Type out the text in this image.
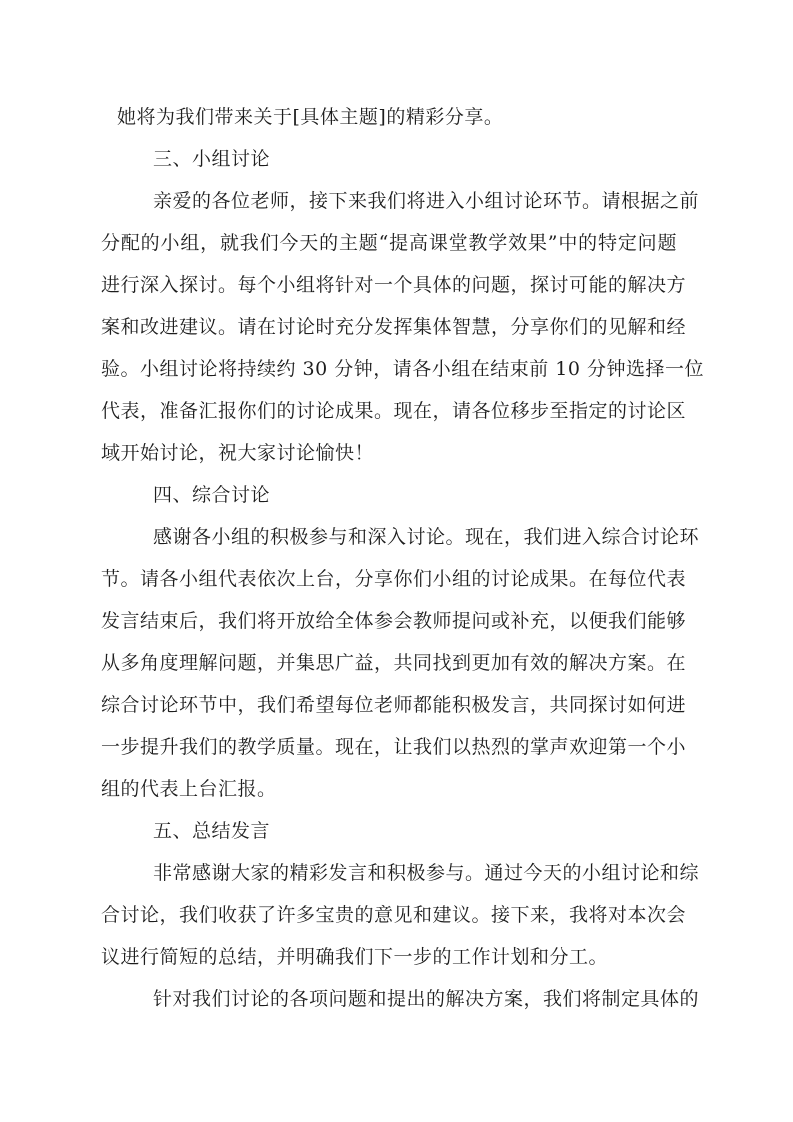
她将为我们带来关于[具体主题]的精彩分享。
三、小组讨论
亲爱的各位老师，接下来我们将进入小组讨论环节。请根据之前
分配的小组，就我们今天的主题“提高课堂教学效果”中的特定问题
进行深入探讨。每个小组将针对一个具体的问题，探讨可能的解决方
案和改进建议。请在讨论时充分发挥集体智慧，分享你们的见解和经
验。小组讨论将持续约 30 分钟，请各小组在结束前 10 分钟选择一位
代表，准备汇报你们的讨论成果。现在，请各位移步至指定的讨论区
域开始讨论，祝大家讨论愉快！
四、综合讨论
感谢各小组的积极参与和深入讨论。现在，我们进入综合讨论环
节。请各小组代表依次上台，分享你们小组的讨论成果。在每位代表
发言结束后，我们将开放给全体参会教师提问或补充，以便我们能够
从多角度理解问题，并集思广益，共同找到更加有效的解决方案。在
综合讨论环节中，我们希望每位老师都能积极发言，共同探讨如何进
一步提升我们的教学质量。现在，让我们以热烈的掌声欢迎第一个小
组的代表上台汇报。
五、总结发言
非常感谢大家的精彩发言和积极参与。通过今天的小组讨论和综
合讨论，我们收获了许多宝贵的意见和建议。接下来，我将对本次会
议进行简短的总结，并明确我们下一步的工作计划和分工。
针对我们讨论的各项问题和提出的解决方案，我们将制定具体的
